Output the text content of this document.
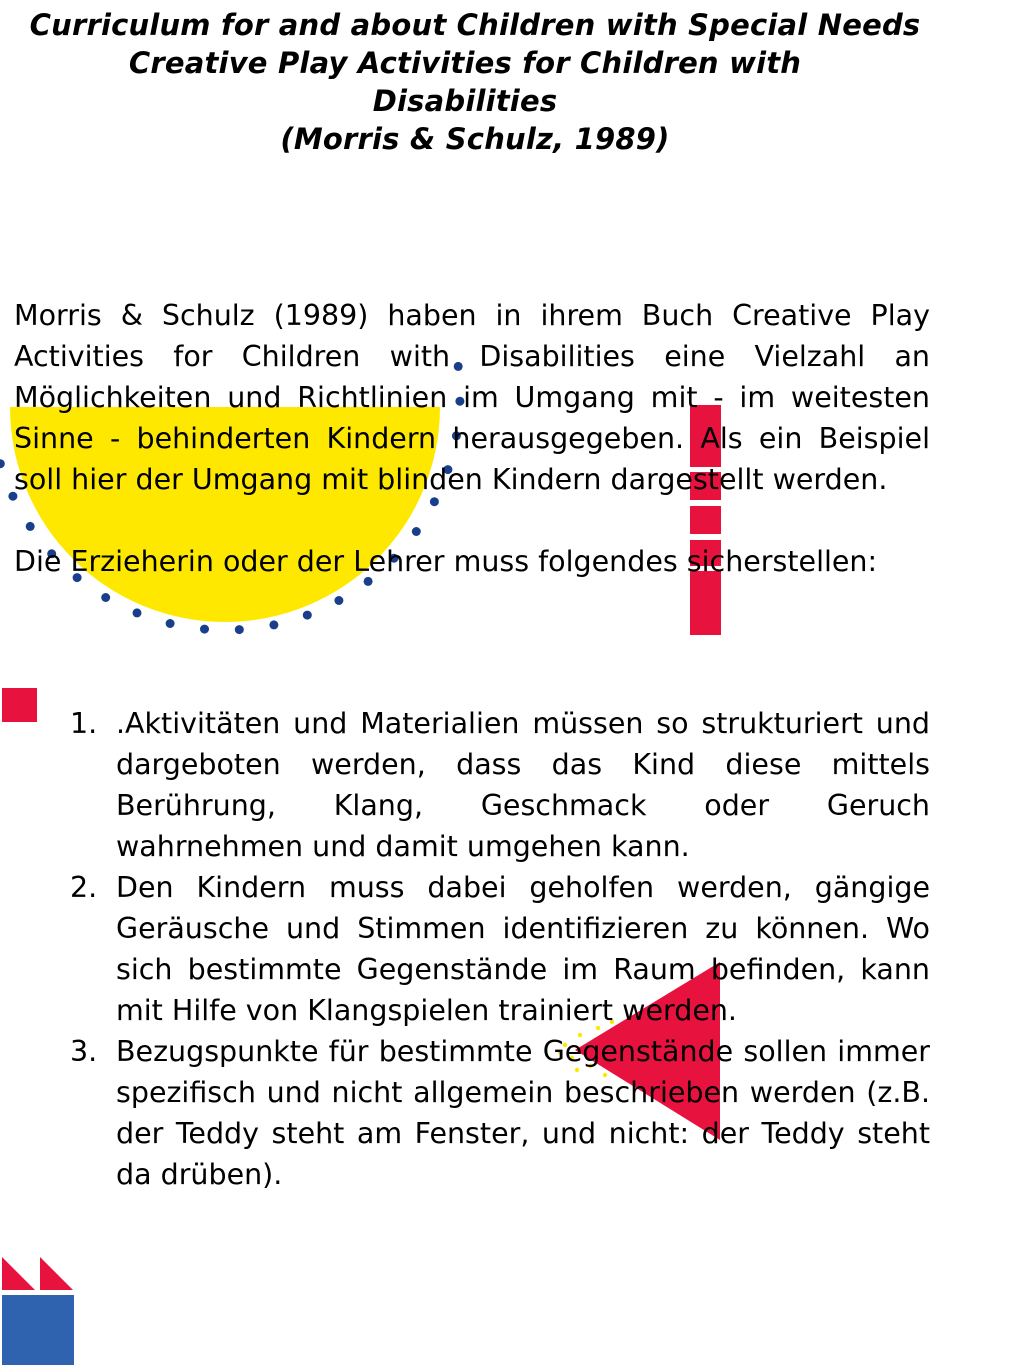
Curriculum for and about Children with Special Needs
Creative Play Activities for Children with Disabilities
(Morris & Schulz, 1989)

Morris & Schulz (1989) haben in ihrem Buch Creative Play Activities for Children with Disabilities eine Vielzahl an Möglichkeiten und Richtlinien im Umgang mit - im weitesten Sinne - behinderten Kindern herausgegeben. Als ein Beispiel soll hier der Umgang mit blinden Kindern dargestellt werden.

Die Erzieherin oder der Lehrer muss folgendes sicherstellen:

1. .Aktivitäten und Materialien müssen so strukturiert und dargeboten werden, dass das Kind diese mittels Berührung, Klang, Geschmack oder Geruch wahrnehmen und damit umgehen kann.
2. Den Kindern muss dabei geholfen werden, gängige Geräusche und Stimmen identifizieren zu können. Wo sich bestimmte Gegenstände im Raum befinden, kann mit Hilfe von Klangspielen trainiert werden.
3. Bezugspunkte für bestimmte Gegenstände sollen immer spezifisch und nicht allgemein beschrieben werden (z.B. der Teddy steht am Fenster, und nicht: der Teddy steht da drüben).
